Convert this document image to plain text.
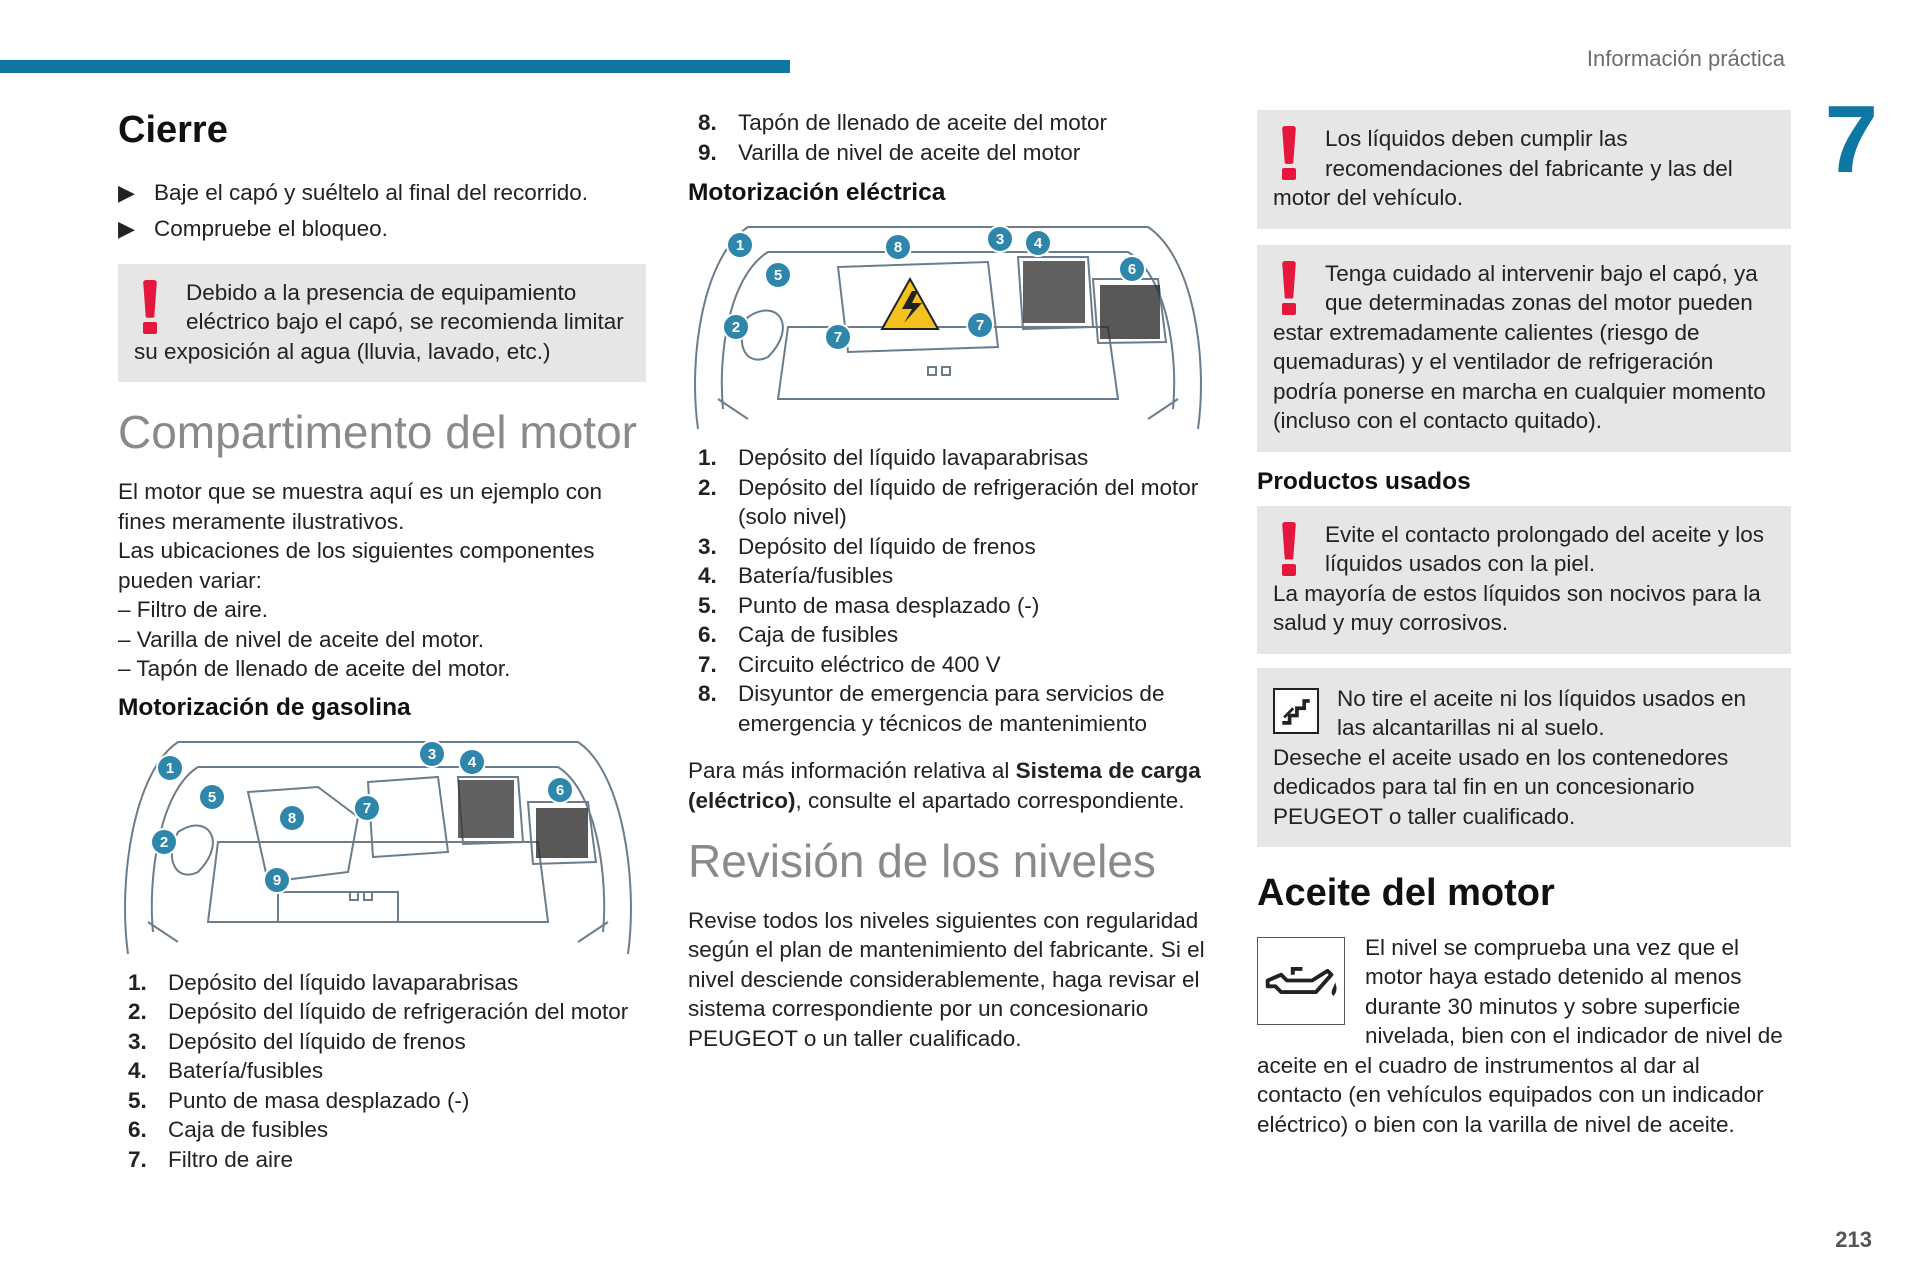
Información práctica
7
213
Cierre
▶ Baje el capó y suéltelo al final del recorrido.
▶ Compruebe el bloqueo.

Debido a la presencia de equipamiento eléctrico bajo el capó, se recomienda limitar su exposición al agua (lluvia, lavado, etc.)

Compartimento del motor

El motor que se muestra aquí es un ejemplo con fines meramente ilustrativos.

Las ubicaciones de los siguientes componentes pueden variar:

– Filtro de aire.

– Varilla de nivel de aceite del motor.

– Tapón de llenado de aceite del motor.

Motorización de gasolina
1
2
3 4
5	6
7
8
9
1. Depósito del líquido lavaparabrisas
2. Depósito del líquido de refrigeración del motor
3. Depósito del líquido de frenos
4. Batería/fusibles
5. Punto de masa desplazado (-)
6. Caja de fusibles
7. Filtro de aire
8. Tapón de llenado de aceite del motor
9. Varilla de nivel de aceite del motor
Motorización eléctrica
1
2
3 4
5	6
7
7
8
1. Depósito del líquido lavaparabrisas
2. Depósito del líquido de refrigeración del motor (solo nivel)
3. Depósito del líquido de frenos
4. Batería/fusibles
5. Punto de masa desplazado (-)
6. Caja de fusibles
7. Circuito eléctrico de 400 V
8. Disyuntor de emergencia para servicios de emergencia y técnicos de mantenimiento

Para más información relativa al Sistema de carga (eléctrico), consulte el apartado correspondiente.

Revisión de los niveles

Revise todos los niveles siguientes con regularidad según el plan de mantenimiento del fabricante. Si el nivel desciende considerablemente, haga revisar el sistema correspondiente por un concesionario PEUGEOT o un taller cualificado.

Los líquidos deben cumplir las recomendaciones del fabricante y las del motor del vehículo.

Tenga cuidado al intervenir bajo el capó, ya que determinadas zonas del motor pueden estar extremadamente calientes (riesgo de quemaduras) y el ventilador de refrigeración podría ponerse en marcha en cualquier momento (incluso con el contacto quitado).

Productos usados

Evite el contacto prolongado del aceite y los líquidos usados con la piel.

La mayoría de estos líquidos son nocivos para la salud y muy corrosivos.

No tire el aceite ni los líquidos usados en las alcantarillas ni al suelo.

Deseche el aceite usado en los contenedores dedicados para tal fin en un concesionario PEUGEOT o taller cualificado.

Aceite del motor

El nivel se comprueba una vez que el motor haya estado detenido al menos durante 30 minutos y sobre superficie nivelada, bien con el indicador de nivel de aceite en el cuadro de instrumentos al dar al contacto (en vehículos equipados con un indicador eléctrico) o bien con la varilla de nivel de aceite.
